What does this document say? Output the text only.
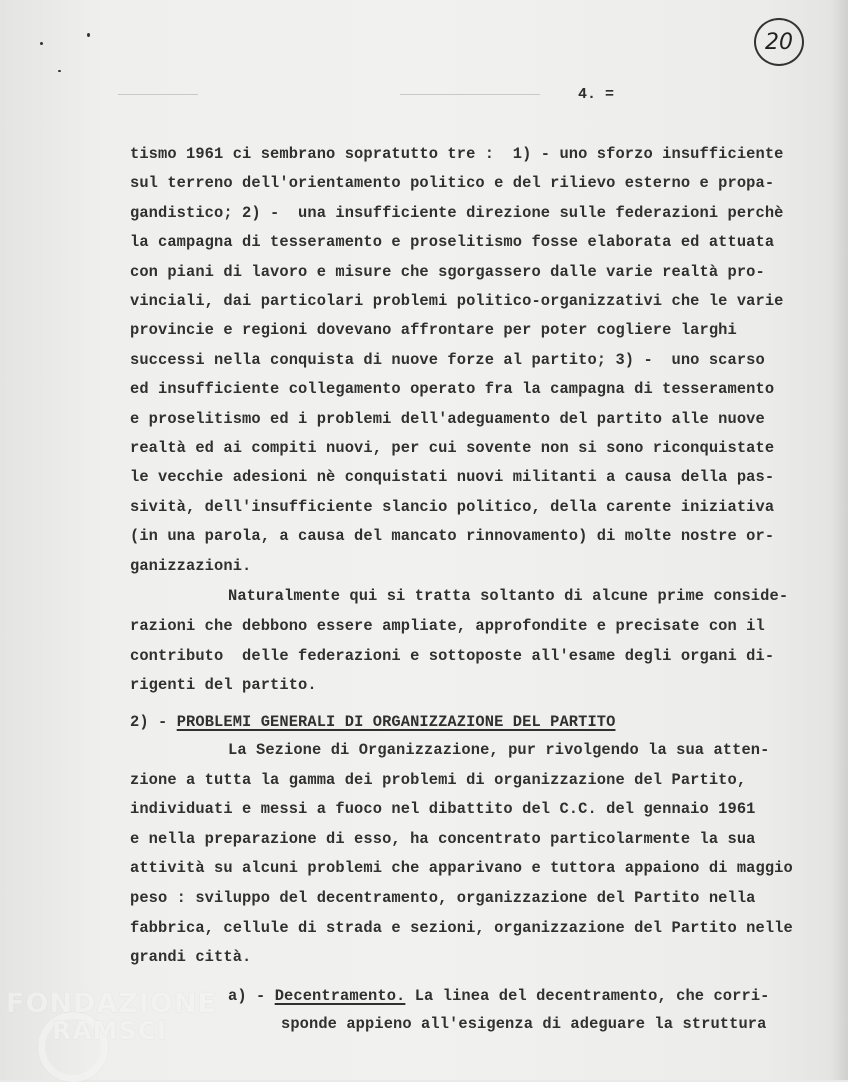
20
4. =
tismo 1961 ci sembrano sopratutto tre :  1) - uno sforzo insufficiente
sul terreno dell'orientamento politico e del rilievo esterno e propa-
gandistico; 2) -  una insufficiente direzione sulle federazioni perchè
la campagna di tesseramento e proselitismo fosse elaborata ed attuata
con piani di lavoro e misure che sgorgassero dalle varie realtà pro-
vinciali, dai particolari problemi politico-organizzativi che le varie
provincie e regioni dovevano affrontare per poter cogliere larghi
successi nella conquista di nuove forze al partito; 3) -  uno scarso
ed insufficiente collegamento operato fra la campagna di tesseramento
e proselitismo ed i problemi dell'adeguamento del partito alle nuove
realtà ed ai compiti nuovi, per cui sovente non si sono riconquistate
le vecchie adesioni nè conquistati nuovi militanti a causa della pas-
sività, dell'insufficiente slancio politico, della carente iniziativa
(in una parola, a causa del mancato rinnovamento) di molte nostre or-
ganizzazioni.
Naturalmente qui si tratta soltanto di alcune prime conside-
razioni che debbono essere ampliate, approfondite e precisate con il
contributo  delle federazioni e sottoposte all'esame degli organi di-
rigenti del partito.
2) - PROBLEMI GENERALI DI ORGANIZZAZIONE DEL PARTITO
La Sezione di Organizzazione, pur rivolgendo la sua atten-
zione a tutta la gamma dei problemi di organizzazione del Partito,
individuati e messi a fuoco nel dibattito del C.C. del gennaio 1961
e nella preparazione di esso, ha concentrato particolarmente la sua
attività su alcuni problemi che apparivano e tuttora appaiono di maggio
peso : sviluppo del decentramento, organizzazione del Partito nella
fabbrica, cellule di strada e sezioni, organizzazione del Partito nelle
grandi città.
a) - Decentramento. La linea del decentramento, che corri-
sponde appieno all'esigenza di adeguare la struttura
FONDAZIONE
RAMSCI
